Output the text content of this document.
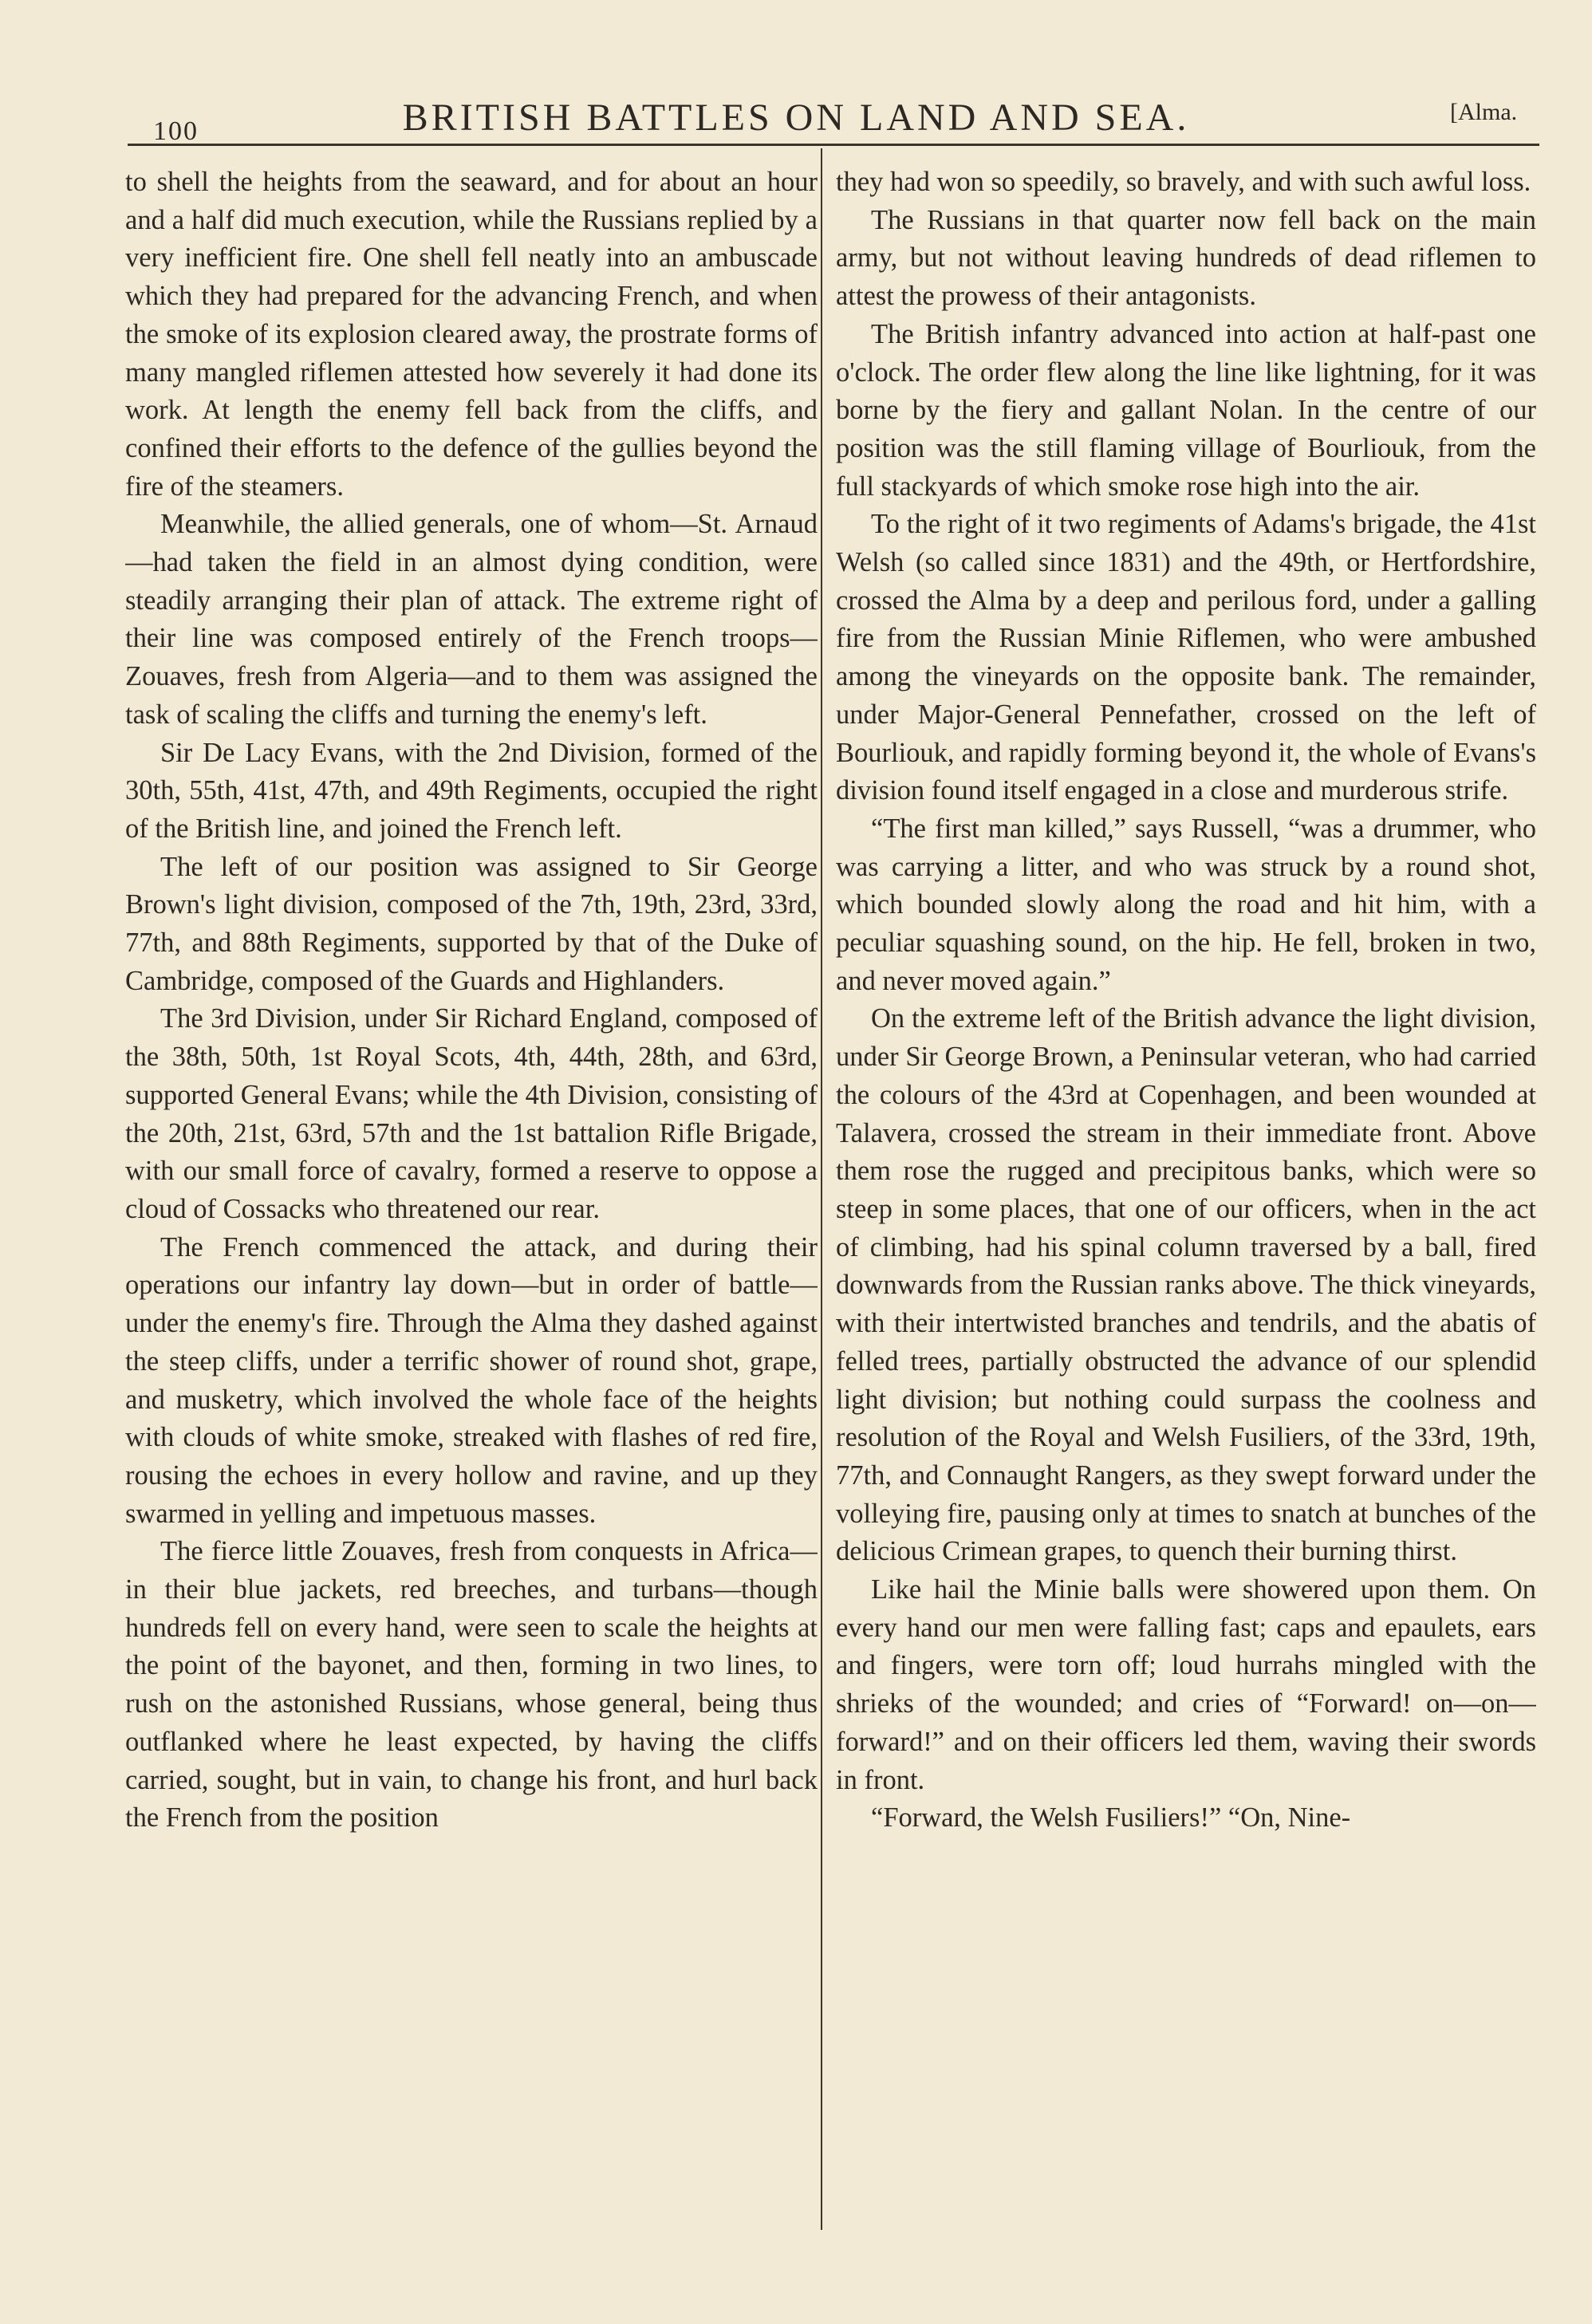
100	BRITISH BATTLES ON LAND AND SEA.	[Alma.

to shell the heights from the seaward, and for about an hour and a half did much execution, while the Russians replied by a very inefficient fire. One shell fell neatly into an ambuscade which they had prepared for the advancing French, and when the smoke of its explosion cleared away, the prostrate forms of many mangled riflemen attested how severely it had done its work. At length the enemy fell back from the cliffs, and confined their efforts to the defence of the gullies beyond the fire of the steamers.

Meanwhile, the allied generals, one of whom—St. Arnaud—had taken the field in an almost dying condition, were steadily arranging their plan of attack. The extreme right of their line was composed entirely of the French troops—Zouaves, fresh from Algeria—and to them was assigned the task of scaling the cliffs and turning the enemy's left.

Sir De Lacy Evans, with the 2nd Division, formed of the 30th, 55th, 41st, 47th, and 49th Regiments, occupied the right of the British line, and joined the French left.

The left of our position was assigned to Sir George Brown's light division, composed of the 7th, 19th, 23rd, 33rd, 77th, and 88th Regiments, supported by that of the Duke of Cambridge, composed of the Guards and Highlanders.

The 3rd Division, under Sir Richard England, composed of the 38th, 50th, 1st Royal Scots, 4th, 44th, 28th, and 63rd, supported General Evans; while the 4th Division, consisting of the 20th, 21st, 63rd, 57th and the 1st battalion Rifle Brigade, with our small force of cavalry, formed a reserve to oppose a cloud of Cossacks who threatened our rear.

The French commenced the attack, and during their operations our infantry lay down—but in order of battle—under the enemy's fire. Through the Alma they dashed against the steep cliffs, under a terrific shower of round shot, grape, and musketry, which involved the whole face of the heights with clouds of white smoke, streaked with flashes of red fire, rousing the echoes in every hollow and ravine, and up they swarmed in yelling and impetuous masses.

The fierce little Zouaves, fresh from conquests in Africa—in their blue jackets, red breeches, and turbans—though hundreds fell on every hand, were seen to scale the heights at the point of the bayonet, and then, forming in two lines, to rush on the astonished Russians, whose general, being thus outflanked where he least expected, by having the cliffs carried, sought, but in vain, to change his front, and hurl back the French from the position

they had won so speedily, so bravely, and with such awful loss.

The Russians in that quarter now fell back on the main army, but not without leaving hundreds of dead riflemen to attest the prowess of their antagonists.

The British infantry advanced into action at half-past one o'clock. The order flew along the line like lightning, for it was borne by the fiery and gallant Nolan. In the centre of our position was the still flaming village of Bourliouk, from the full stackyards of which smoke rose high into the air.

To the right of it two regiments of Adams's brigade, the 41st Welsh (so called since 1831) and the 49th, or Hertfordshire, crossed the Alma by a deep and perilous ford, under a galling fire from the Russian Minie Riflemen, who were ambushed among the vineyards on the opposite bank. The remainder, under Major-General Pennefather, crossed on the left of Bourliouk, and rapidly forming beyond it, the whole of Evans's division found itself engaged in a close and murderous strife.

“The first man killed,” says Russell, “was a drummer, who was carrying a litter, and who was struck by a round shot, which bounded slowly along the road and hit him, with a peculiar squashing sound, on the hip. He fell, broken in two, and never moved again.”

On the extreme left of the British advance the light division, under Sir George Brown, a Peninsular veteran, who had carried the colours of the 43rd at Copenhagen, and been wounded at Talavera, crossed the stream in their immediate front. Above them rose the rugged and precipitous banks, which were so steep in some places, that one of our officers, when in the act of climbing, had his spinal column traversed by a ball, fired downwards from the Russian ranks above. The thick vineyards, with their intertwisted branches and tendrils, and the abatis of felled trees, partially obstructed the advance of our splendid light division; but nothing could surpass the coolness and resolution of the Royal and Welsh Fusiliers, of the 33rd, 19th, 77th, and Connaught Rangers, as they swept forward under the volleying fire, pausing only at times to snatch at bunches of the delicious Crimean grapes, to quench their burning thirst.

Like hail the Minie balls were showered upon them. On every hand our men were falling fast; caps and epaulets, ears and fingers, were torn off; loud hurrahs mingled with the shrieks of the wounded; and cries of “Forward! on—on—forward!” and on their officers led them, waving their swords in front.

“Forward, the Welsh Fusiliers!” “On, Nine-
